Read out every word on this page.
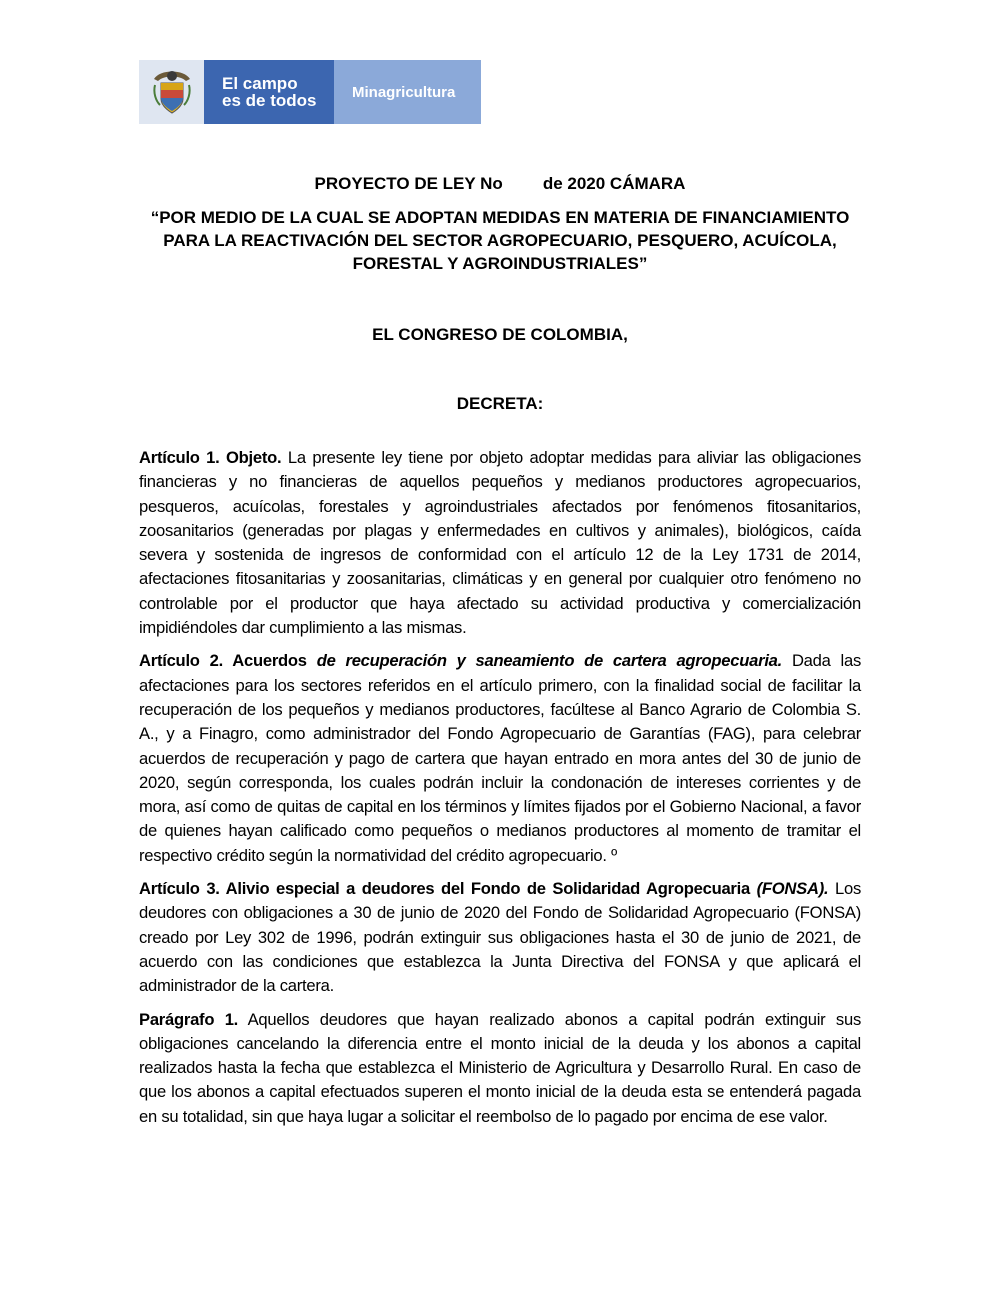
El campo
es de todos	Minagricultura
PROYECTO DE LEY No de 2020 CÁMARA
“POR MEDIO DE LA CUAL SE ADOPTAN MEDIDAS EN MATERIA DE FINANCIAMIENTO PARA LA REACTIVACIÓN DEL SECTOR AGROPECUARIO, PESQUERO, ACUÍCOLA, FORESTAL Y AGROINDUSTRIALES”
EL CONGRESO DE COLOMBIA,
DECRETA:

Artículo 1. Objeto. La presente ley tiene por objeto adoptar medidas para aliviar las obligaciones financieras y no financieras de aquellos pequeños y medianos productores agropecuarios, pesqueros, acuícolas, forestales y agroindustriales afectados por fenómenos fitosanitarios, zoosanitarios (generadas por plagas y enfermedades en cultivos y animales), biológicos, caída severa y sostenida de ingresos de conformidad con el artículo 12 de la Ley 1731 de 2014, afectaciones fitosanitarias y zoosanitarias, climáticas y en general por cualquier otro fenómeno no controlable por el productor que haya afectado su actividad productiva y comercialización impidiéndoles dar cumplimiento a las mismas.

Artículo 2. Acuerdos de recuperación y saneamiento de cartera agropecuaria. Dada las afectaciones para los sectores referidos en el artículo primero, con la finalidad social de facilitar la recuperación de los pequeños y medianos productores, facúltese al Banco Agrario de Colombia S. A., y a Finagro, como administrador del Fondo Agropecuario de Garantías (FAG), para celebrar acuerdos de recuperación y pago de cartera que hayan entrado en mora antes del 30 de junio de 2020, según corresponda, los cuales podrán incluir la condonación de intereses corrientes y de mora, así como de quitas de capital en los términos y límites fijados por el Gobierno Nacional, a favor de quienes hayan calificado como pequeños o medianos productores al momento de tramitar el respectivo crédito según la normatividad del crédito agropecuario. º

Artículo 3. Alivio especial a deudores del Fondo de Solidaridad Agropecuaria (FONSA). Los deudores con obligaciones a 30 de junio de 2020 del Fondo de Solidaridad Agropecuario (FONSA) creado por Ley 302 de 1996, podrán extinguir sus obligaciones hasta el 30 de junio de 2021, de acuerdo con las condiciones que establezca la Junta Directiva del FONSA y que aplicará el administrador de la cartera.

Parágrafo 1. Aquellos deudores que hayan realizado abonos a capital podrán extinguir sus obligaciones cancelando la diferencia entre el monto inicial de la deuda y los abonos a capital realizados hasta la fecha que establezca el Ministerio de Agricultura y Desarrollo Rural. En caso de que los abonos a capital efectuados superen el monto inicial de la deuda esta se entenderá pagada en su totalidad, sin que haya lugar a solicitar el reembolso de lo pagado por encima de ese valor.
